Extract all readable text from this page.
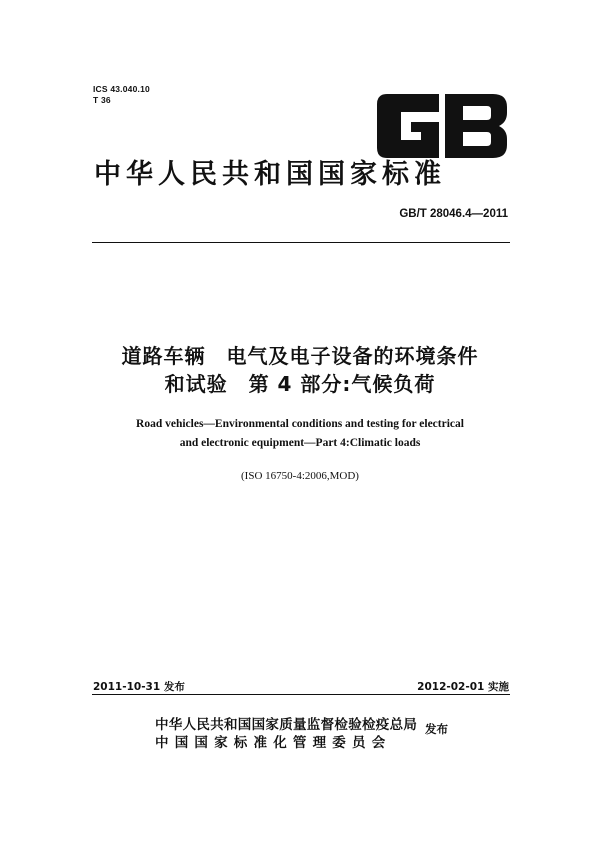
ICS 43.040.10
T 36
中华人民共和国国家标准
GB/T 28046.4—2011
道路车辆　电气及电子设备的环境条件
和试验　第 4 部分:气候负荷
Road vehicles—Environmental conditions and testing for electrical
and electronic equipment—Part 4:Climatic loads
(ISO 16750-4:2006,MOD)
2011-10-31 发布	2012-02-01 实施
中华人民共和国国家质量监督检验检疫总局
中国国家标准化管理委员会
发布
